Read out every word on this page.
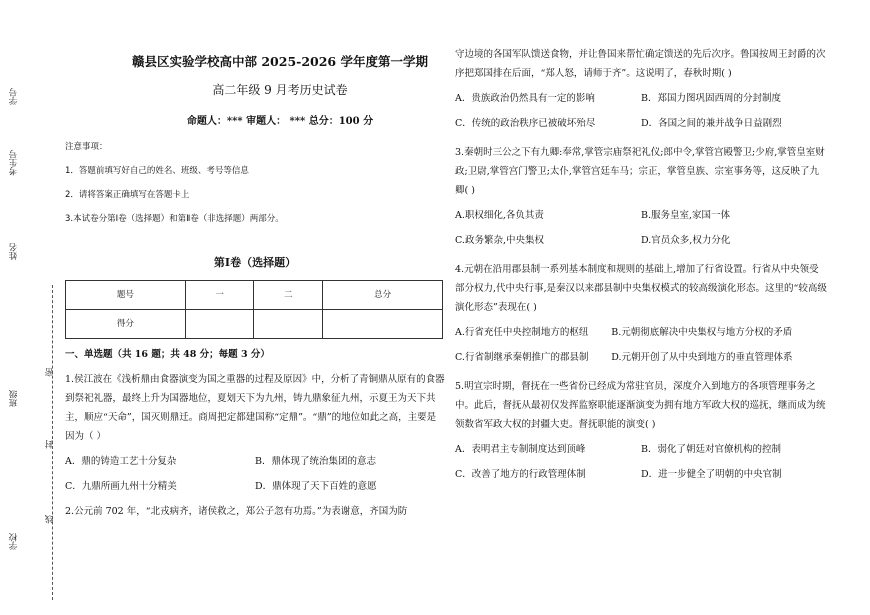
学号
考生号
姓名
班级
学校
密
封
线
赣县区实验学校高中部 2025-2026 学年度第一学期
高二年级 9 月考历史试卷
命题人：*** 审题人： *** 总分：100 分

注意事项：

1．答题前填写好自己的姓名、班级、考号等信息

2．请将答案正确填写在答题卡上

3.本试卷分第Ⅰ卷（选择题）和第Ⅱ卷（非选择题）两部分。

第Ⅰ卷（选择题）
题号	一	二	总分
得分			
一、单选题（共 16 题；共 48 分；每题 3 分）

1.侯江波在《浅析鼎由食器演变为国之重器的过程及原因》中，分析了青铜鼎从原有的食器到祭祀礼器，最终上升为国器地位，夏划天下为九州，铸九鼎象征九州，示夏王为天下共主，顺应“天命”，国灭则鼎迁。商周把定都建国称“定鼎”。“鼎”的地位如此之高，主要是因为（ ）

A．鼎的铸造工艺十分复杂	B．鼎体现了统治集团的意志
C．九鼎所画九州十分精美	D．鼎体现了天下百姓的意愿

2.公元前 702 年，“北戎病齐，诸侯救之，郑公子忽有功焉。”为表谢意，齐国为防

守边境的各国军队馈送食物，并让鲁国来帮忙确定馈送的先后次序。鲁国按周王封爵的次序把郑国排在后面，“郑人怒，请师于齐”。这说明了，春秋时期( )

A．贵族政治仍然具有一定的影响	B．郑国力图巩固西周的分封制度
C．传统的政治秩序已被破坏殆尽	D．各国之间的兼并战争日益剧烈

3.秦朝时三公之下有九卿:奉常,掌管宗庙祭祀礼仪;郎中令,掌管宫殿警卫;少府,掌管皇室财政;卫尉,掌管宫门警卫;太仆,掌管宫廷车马；宗正，掌管皇族、宗室事务等，这反映了九卿( )

A.职权细化,各负其责	B.服务皇室,家国一体
C.政务繁杂,中央集权	D.官员众多,权力分化

4.元朝在沿用郡县制一系列基本制度和规则的基础上,增加了行省设置。行省从中央领受部分权力,代中央行事,是秦汉以来郡县制中央集权模式的较高级演化形态。这里的“较高级演化形态”表现在( )

A.行省充任中央控制地方的枢纽	B.元朝彻底解决中央集权与地方分权的矛盾
C.行省制继承秦朝推广的郡县制	D.元朝开创了从中央到地方的垂直管理体系

5.明宣宗时期，督抚在一些省份已经成为常驻官员，深度介入到地方的各项管理事务之中。此后，督抚从最初仅发挥监察职能逐渐演变为拥有地方军政大权的巡抚，继而成为统领数省军政大权的封疆大吏。督抚职能的演变( )

A．表明君主专制制度达到顶峰	B．弱化了朝廷对官僚机构的控制
C．改善了地方的行政管理体制	D．进一步健全了明朝的中央官制
